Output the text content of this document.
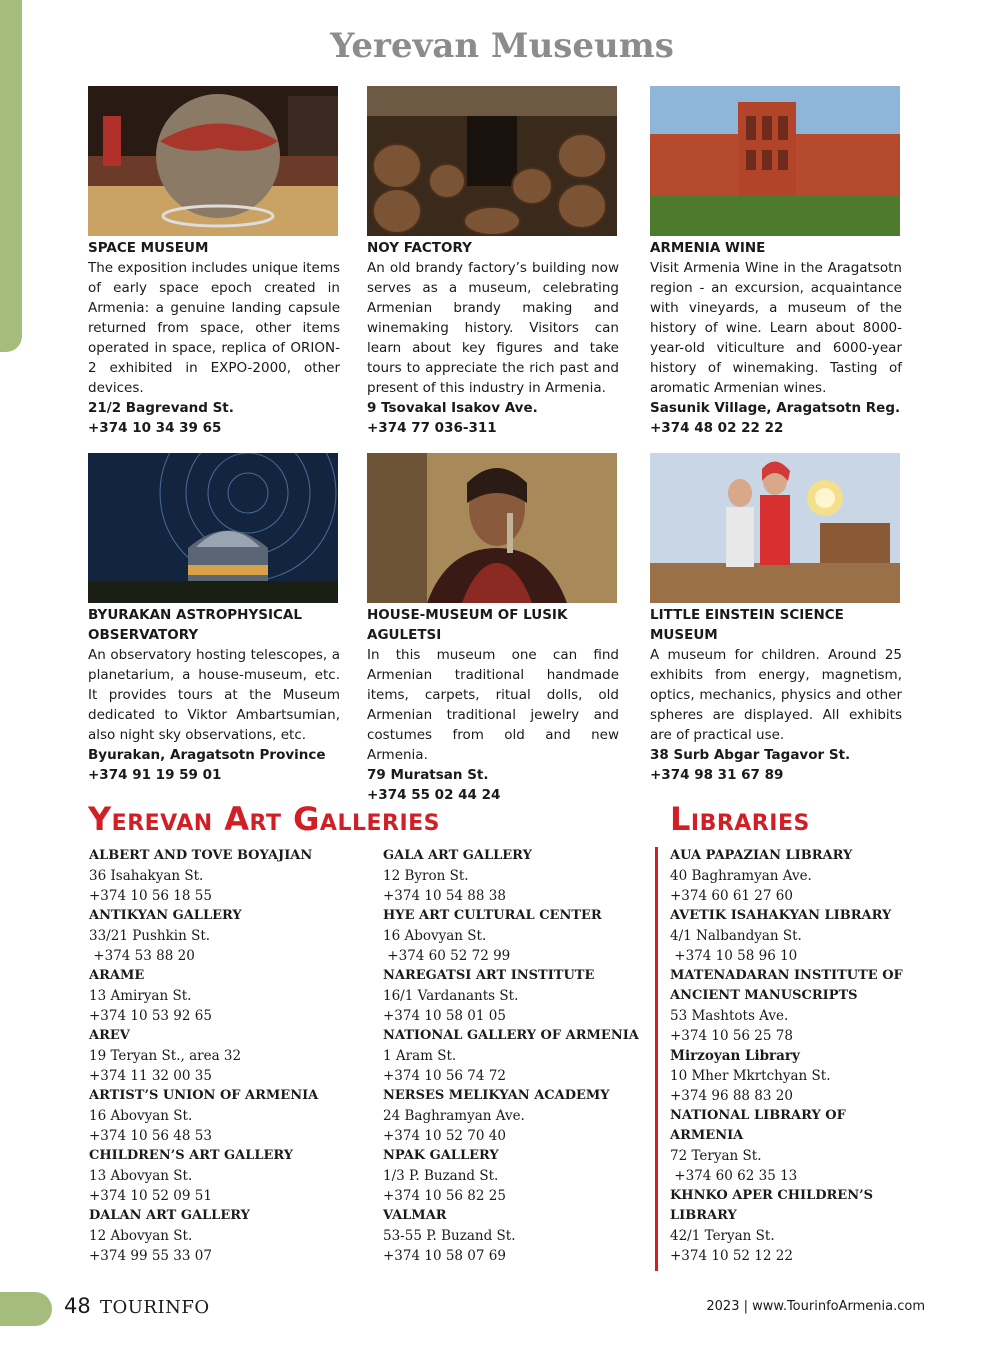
Yerevan Museums
SPACE MUSEUM
The exposition includes unique items of early space epoch created in Armenia: a genuine landing capsule returned from space, other items operated in space, replica of ORION-2 exhibited in EXPO-2000, other devices.
21/2 Bagrevand St.
+374 10 34 39 65
NOY FACTORY
An old brandy factory’s building now serves as a museum, celebrating Armenian brandy making and winemaking history. Visitors can learn about key figures and take tours to appreciate the rich past and present of this industry in Armenia.
9 Tsovakal Isakov Ave.
+374 77 036-311
ARMENIA WINE
Visit Armenia Wine in the Aragatsotn region - an excursion, acquaintance with vineyards, a museum of the history of wine. Learn about 8000-year-old viticulture and 6000-year history of winemaking. Tasting of aromatic Armenian wines.
Sasunik Village, Aragatsotn Reg.
+374 48 02 22 22
BYURAKAN ASTROPHYSICAL OBSERVATORY
An observatory hosting telescopes, a planetarium, a house-museum, etc. It provides tours at the Museum dedicated to Viktor Ambartsumian, also night sky observations, etc.
Byurakan, Aragatsotn Province
+374 91 19 59 01
HOUSE-MUSEUM OF LUSIK AGULETSI
In this museum one can find Armenian traditional handmade items, carpets, ritual dolls, old Armenian traditional jewelry and costumes from old and new Armenia.
79 Muratsan St.
+374 55 02 44 24
LITTLE EINSTEIN SCIENCE MUSEUM
A museum for children. Around 25 exhibits from energy, magnetism, optics, mechanics, physics and other spheres are displayed. All exhibits are of practical use.
38 Surb Abgar Tagavor St.
+374 98 31 67 89
Yerevan Art Galleries	Libraries
ALBERT AND TOVE BOYAJIAN
36 Isahakyan St.
+374 10 56 18 55
ANTIKYAN GALLERY
33/21 Pushkin St.
+374 53 88 20
ARAME
13 Amiryan St.
+374 10 53 92 65
AREV
19 Teryan St., area 32
+374 11 32 00 35
ARTIST’S UNION OF ARMENIA
16 Abovyan St.
+374 10 56 48 53
CHILDREN’S ART GALLERY
13 Abovyan St.
+374 10 52 09 51
DALAN ART GALLERY
12 Abovyan St.
+374 99 55 33 07
GALA ART GALLERY
12 Byron St.
+374 10 54 88 38
HYE ART CULTURAL CENTER
16 Abovyan St.
+374 60 52 72 99
NAREGATSI ART INSTITUTE
16/1 Vardanants St.
+374 10 58 01 05
NATIONAL GALLERY OF ARMENIA
1 Aram St.
+374 10 56 74 72
NERSES MELIKYAN ACADEMY
24 Baghramyan Ave.
+374 10 52 70 40
NPAK GALLERY
1/3 P. Buzand St.
+374 10 56 82 25
VALMAR
53-55 P. Buzand St.
+374 10 58 07 69
AUA PAPAZIAN LIBRARY
40 Baghramyan Ave.
+374 60 61 27 60
AVETIK ISAHAKYAN LIBRARY
4/1 Nalbandyan St.
+374 10 58 96 10
MATENADARAN INSTITUTE OF ANCIENT MANUSCRIPTS
53 Mashtots Ave.
+374 10 56 25 78
Mirzoyan Library
10 Mher Mkrtchyan St.
+374 96 88 83 20
NATIONAL LIBRARY OF ARMENIA
72 Teryan St.
+374 60 62 35 13
KHNKO APER CHILDREN’S LIBRARY
42/1 Teryan St.
+374 10 52 12 22
48 TOURINFO	2023 | www.TourinfoArmenia.com
